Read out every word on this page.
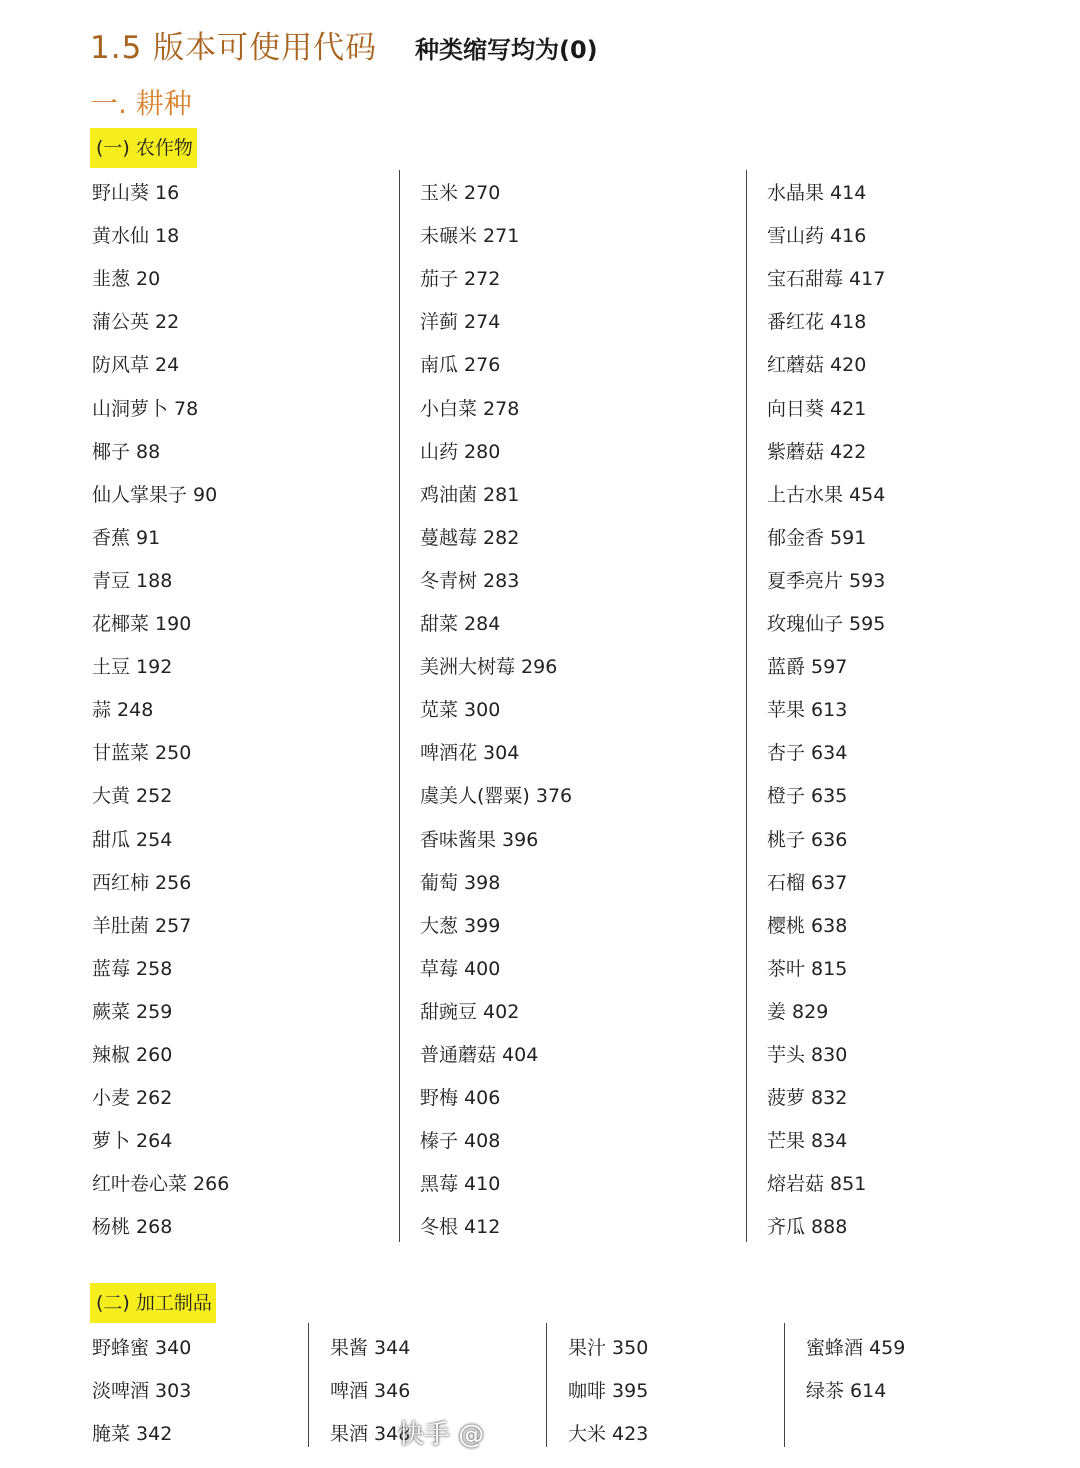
1.5 版本可使用代码 种类缩写均为(0)
一. 耕种
(一) 农作物
野山葵 16
黄水仙 18
韭葱 20
蒲公英 22
防风草 24
山洞萝卜 78
椰子 88
仙人掌果子 90
香蕉 91
青豆 188
花椰菜 190
土豆 192
蒜 248
甘蓝菜 250
大黄 252
甜瓜 254
西红柿 256
羊肚菌 257
蓝莓 258
蕨菜 259
辣椒 260
小麦 262
萝卜 264
红叶卷心菜 266
杨桃 268
玉米 270
未碾米 271
茄子 272
洋蓟 274
南瓜 276
小白菜 278
山药 280
鸡油菌 281
蔓越莓 282
冬青树 283
甜菜 284
美洲大树莓 296
苋菜 300
啤酒花 304
虞美人(罂粟) 376
香味酱果 396
葡萄 398
大葱 399
草莓 400
甜豌豆 402
普通蘑菇 404
野梅 406
榛子 408
黑莓 410
冬根 412
水晶果 414
雪山药 416
宝石甜莓 417
番红花 418
红蘑菇 420
向日葵 421
紫蘑菇 422
上古水果 454
郁金香 591
夏季亮片 593
玫瑰仙子 595
蓝爵 597
苹果 613
杏子 634
橙子 635
桃子 636
石榴 637
樱桃 638
茶叶 815
姜 829
芋头 830
菠萝 832
芒果 834
熔岩菇 851
齐瓜 888
(二) 加工制品
野蜂蜜 340
淡啤酒 303
腌菜 342
果酱 344
啤酒 346
果酒 348
果汁 350
咖啡 395
大米 423
蜜蜂酒 459
绿茶 614
快手 @
